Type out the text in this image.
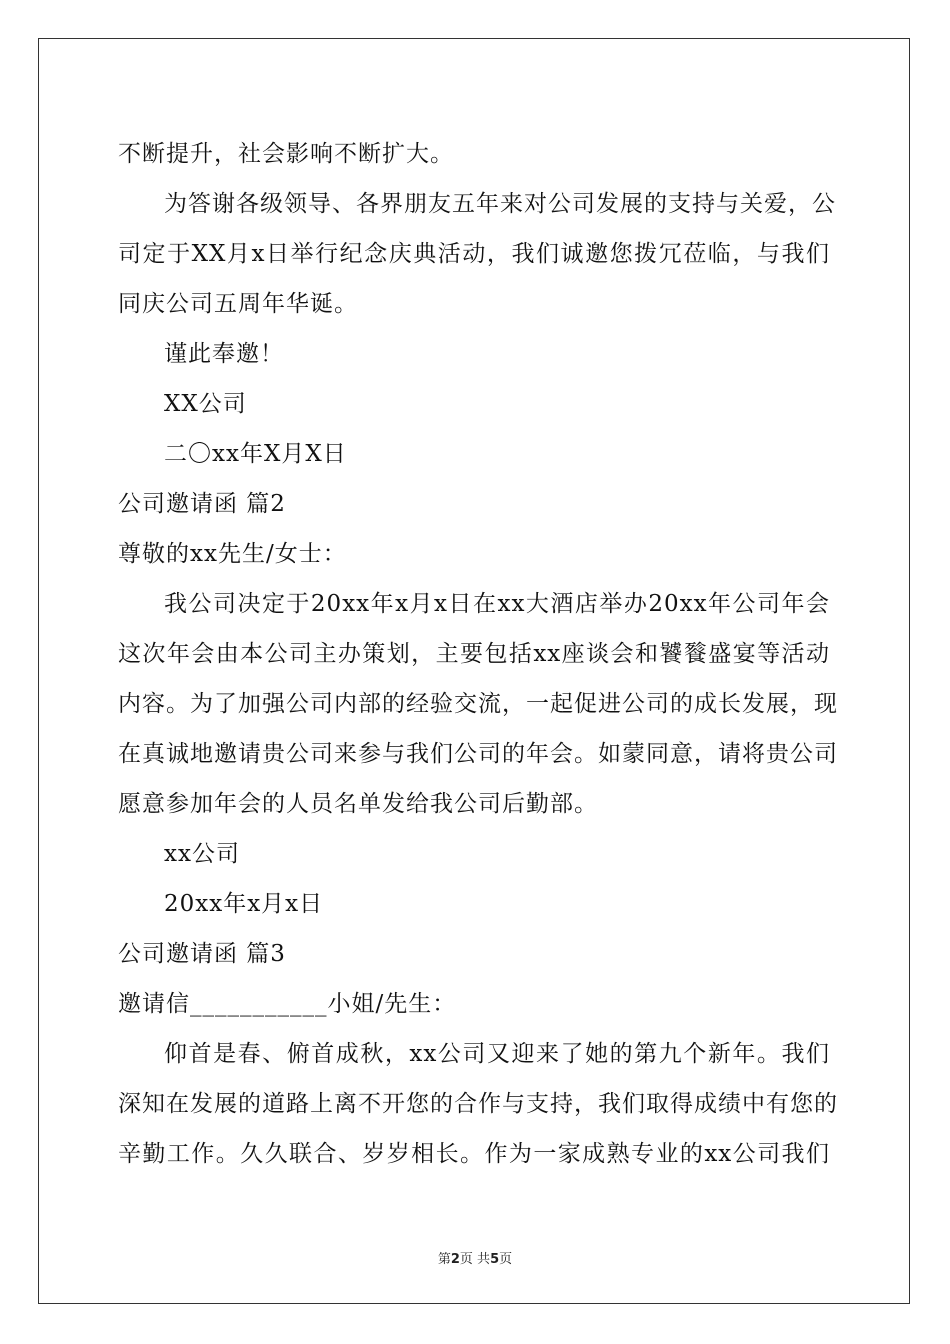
不断提升，社会影响不断扩大。
为答谢各级领导、各界朋友五年来对公司发展的支持与关爱，公
司定于XX月x日举行纪念庆典活动，我们诚邀您拨冗莅临，与我们
同庆公司五周年华诞。
谨此奉邀！
XX公司
二〇xx年X月X日
公司邀请函 篇2
尊敬的xx先生/女士：
我公司决定于20xx年x月x日在xx大酒店举办20xx年公司年会
这次年会由本公司主办策划，主要包括xx座谈会和饕餮盛宴等活动
内容。为了加强公司内部的经验交流，一起促进公司的成长发展，现
在真诚地邀请贵公司来参与我们公司的年会。如蒙同意，请将贵公司
愿意参加年会的人员名单发给我公司后勤部。
xx公司
20xx年x月x日
公司邀请函 篇3
邀请信___________小姐/先生：
仰首是春、俯首成秋，xx公司又迎来了她的第九个新年。我们
深知在发展的道路上离不开您的合作与支持，我们取得成绩中有您的
辛勤工作。久久联合、岁岁相长。作为一家成熟专业的xx公司我们
第2页 共5页
